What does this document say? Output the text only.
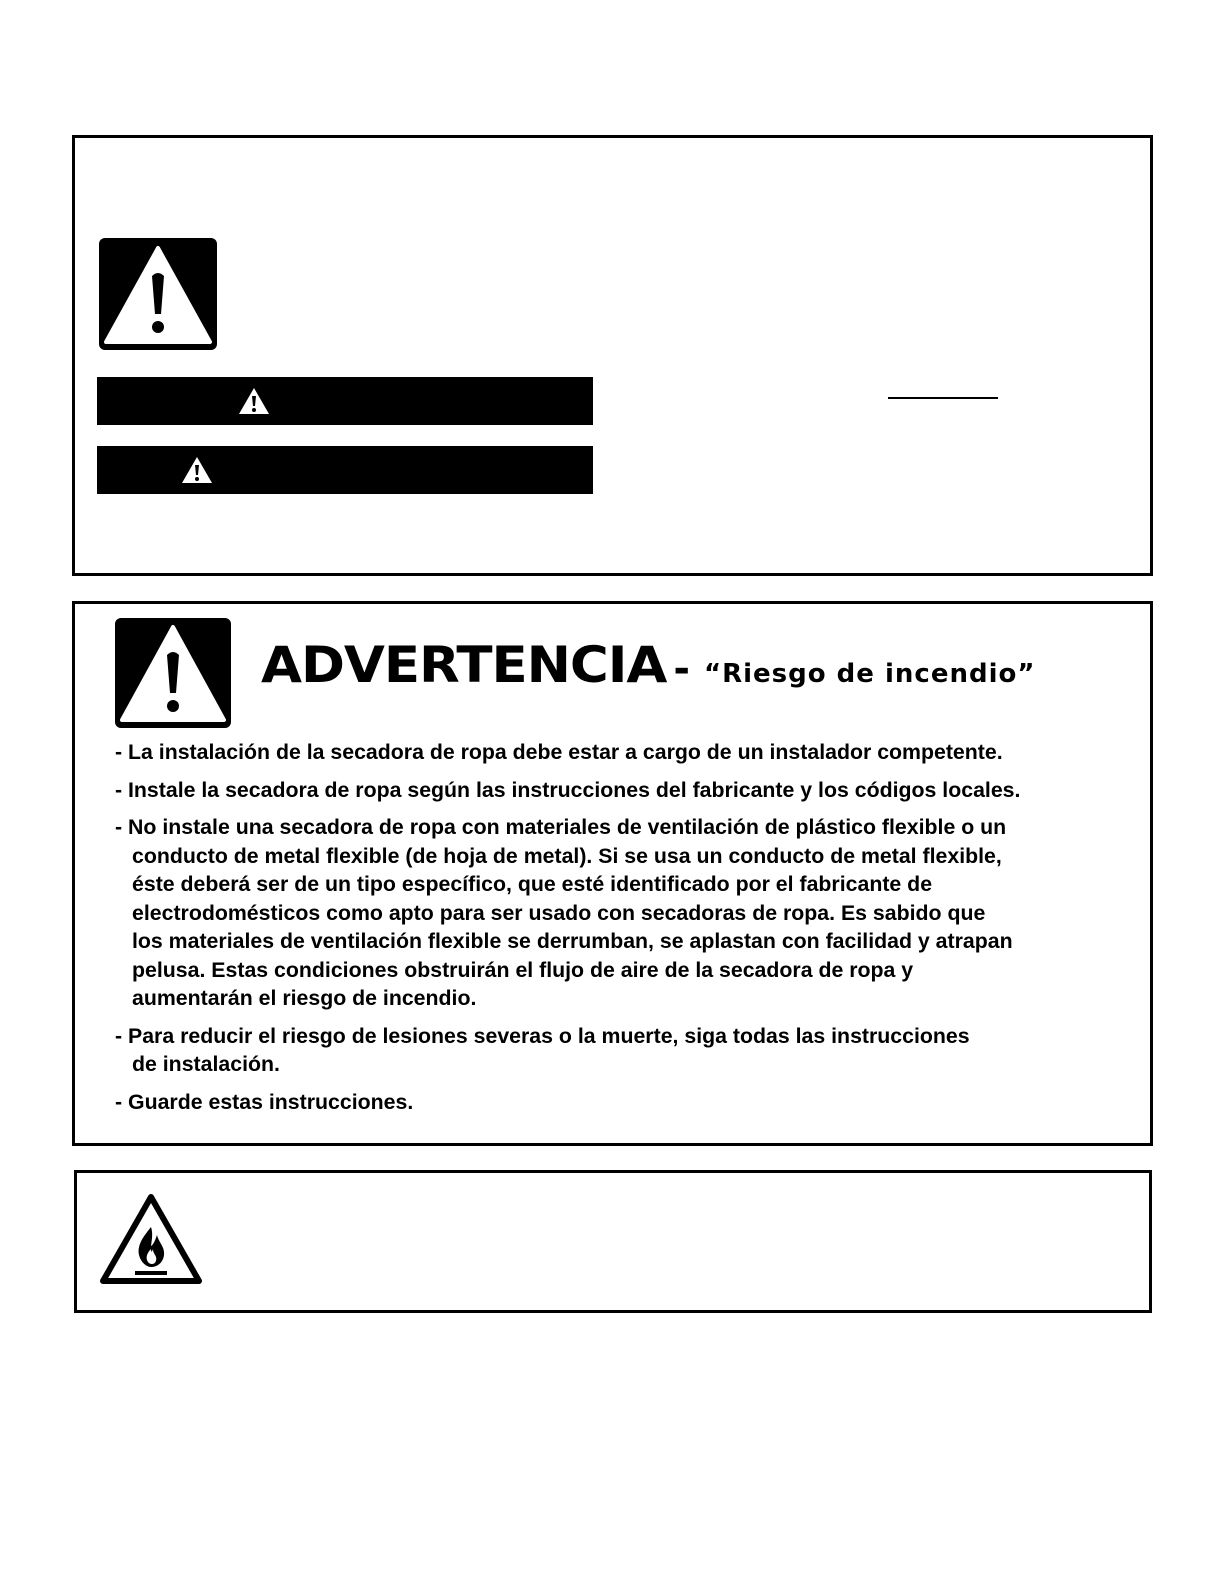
ADVERTENCIA - “Riesgo de incendio”
- La instalación de la secadora de ropa debe estar a cargo de un instalador competente.
- Instale la secadora de ropa según las instrucciones del fabricante y los códigos locales.
- No instale una secadora de ropa con materiales de ventilación de plástico flexible o un
conducto de metal flexible (de hoja de metal). Si se usa un conducto de metal flexible,
éste deberá ser de un tipo específico, que esté identificado por el fabricante de
electrodomésticos como apto para ser usado con secadoras de ropa. Es sabido que
los materiales de ventilación flexible se derrumban, se aplastan con facilidad y atrapan
pelusa. Estas condiciones obstruirán el flujo de aire de la secadora de ropa y
aumentarán el riesgo de incendio.
- Para reducir el riesgo de lesiones severas o la muerte, siga todas las instrucciones
de instalación.
- Guarde estas instrucciones.
